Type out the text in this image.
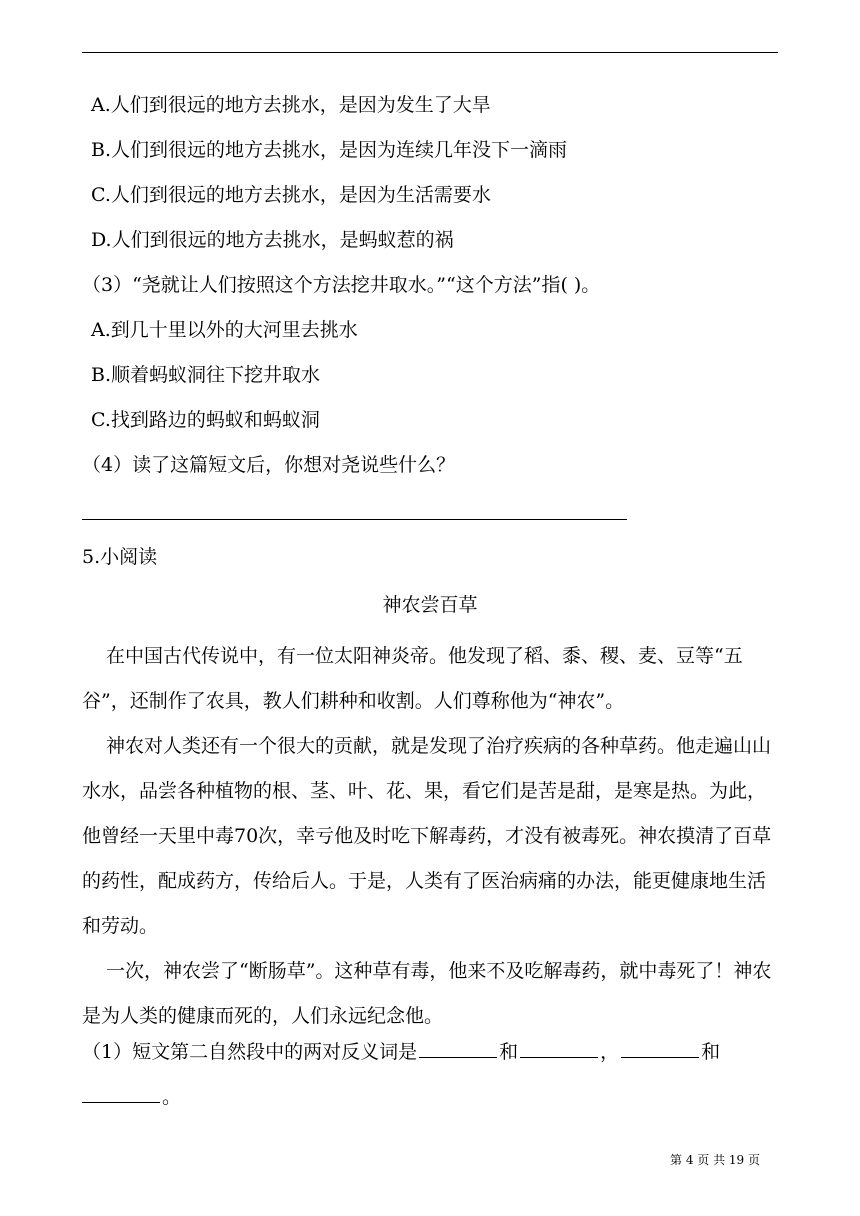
A.人们到很远的地方去挑水，是因为发生了大旱
B.人们到很远的地方去挑水，是因为连续几年没下一滴雨
C.人们到很远的地方去挑水，是因为生活需要水
D.人们到很远的地方去挑水，是蚂蚁惹的祸
（3）“尧就让人们按照这个方法挖井取水。”“这个方法”指( )。
A.到几十里以外的大河里去挑水
B.顺着蚂蚁洞往下挖井取水
C.找到路边的蚂蚁和蚂蚁洞
（4）读了这篇短文后，你想对尧说些什么？
5.小阅读
神农尝百草
在中国古代传说中，有一位太阳神炎帝。他发现了稻、黍、稷、麦、豆等“五谷”，还制作了农具，教人们耕种和收割。人们尊称他为“神农”。
神农对人类还有一个很大的贡献，就是发现了治疗疾病的各种草药。他走遍山山水水，品尝各种植物的根、茎、叶、花、果，看它们是苦是甜，是寒是热。为此，他曾经一天里中毒70次，幸亏他及时吃下解毒药，才没有被毒死。神农摸清了百草的药性，配成药方，传给后人。于是，人类有了医治病痛的办法，能更健康地生活和劳动。
一次，神农尝了“断肠草”。这种草有毒，他来不及吃解毒药，就中毒死了！神农是为人类的健康而死的，人们永远纪念他。
（1）短文第二自然段中的两对反义词是	和	，	和
。
第 4 页 共 19 页
